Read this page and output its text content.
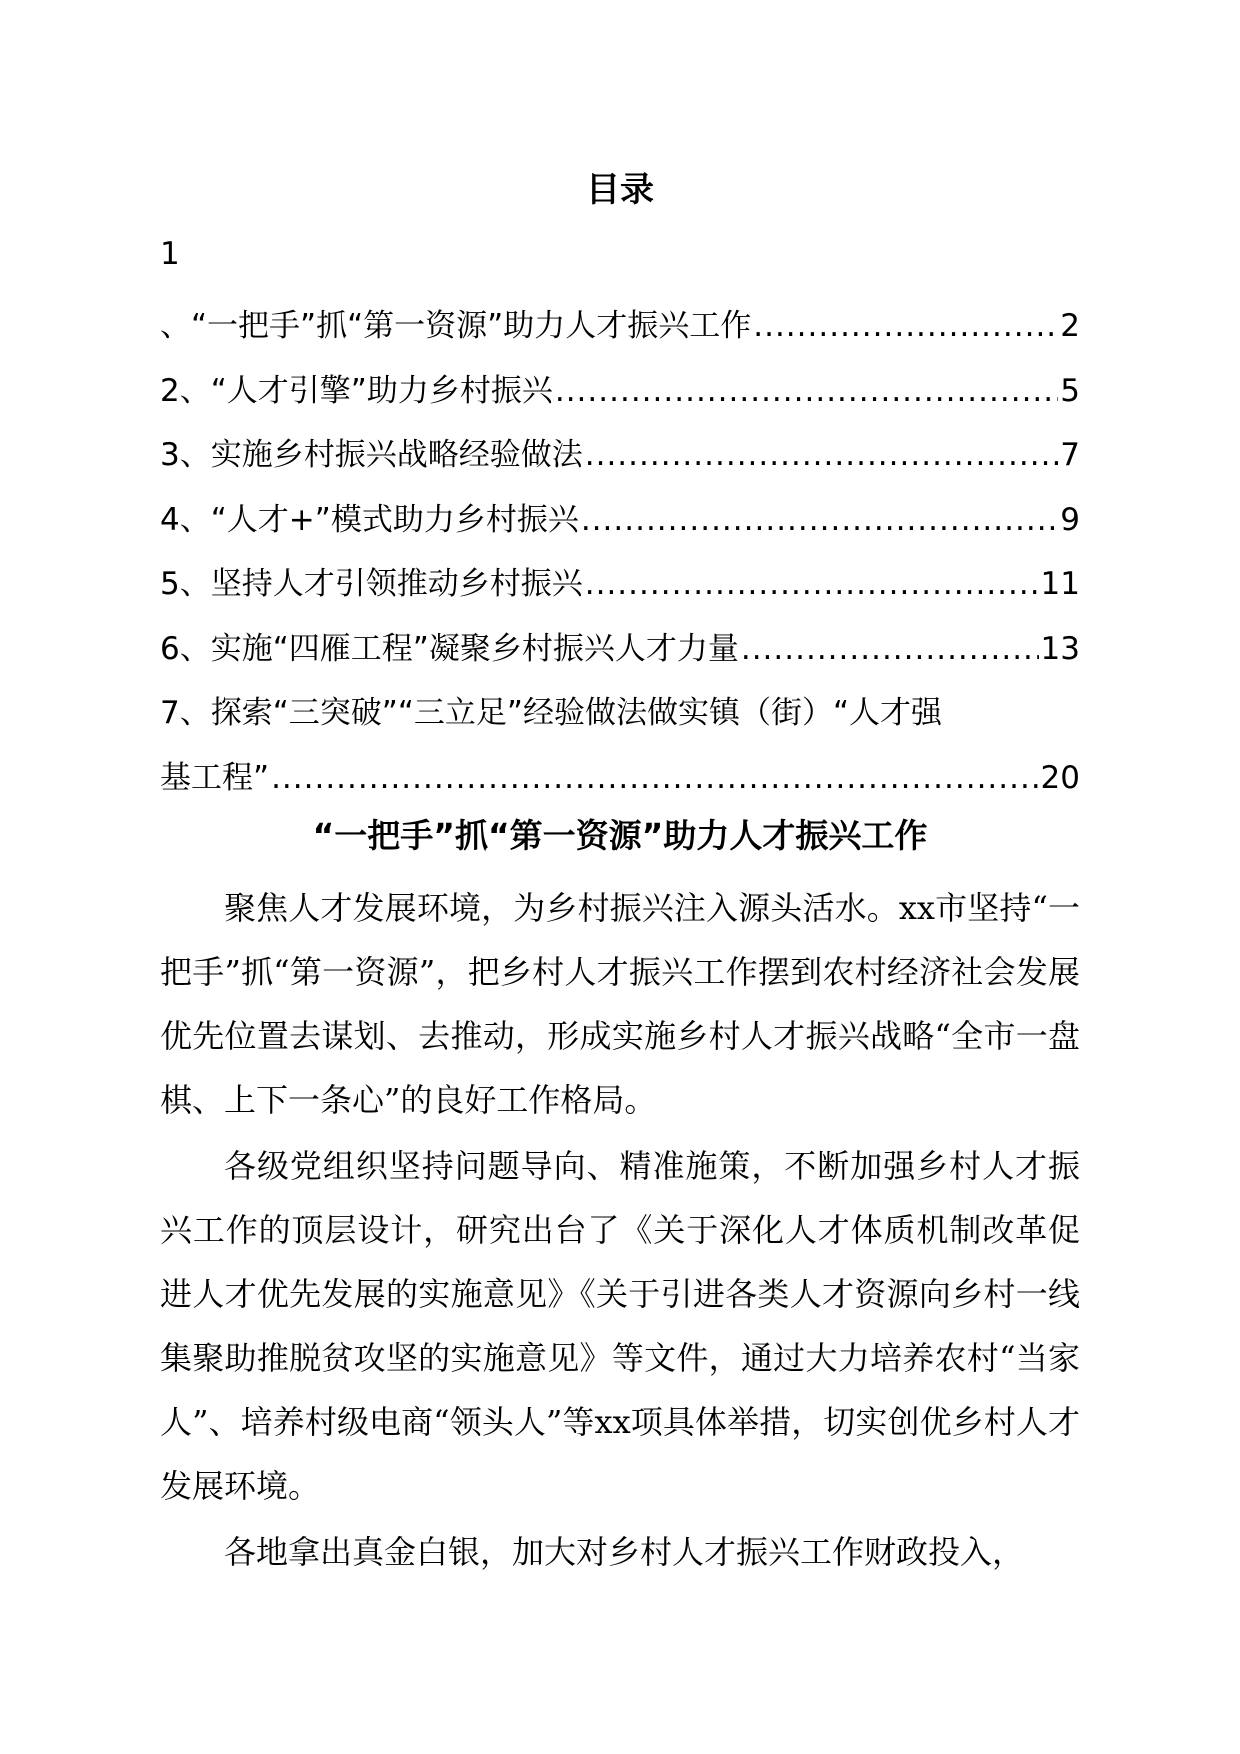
目录
1
、“一把手”抓“第一资源”助力人才振兴工作 .....	2
2、“人才引擎”助力乡村振兴 .....	5
3、实施乡村振兴战略经验做法 .....	7
4、“人才+”模式助力乡村振兴 .....	9
5、坚持人才引领推动乡村振兴 .....	11
6、实施“四雁工程”凝聚乡村振兴人才力量 .....	13
7、探索“三突破”“三立足”经验做法做实镇（街）“人才强
基工程” .....	20
“一把手”抓“第一资源”助力人才振兴工作

聚焦人才发展环境，为乡村振兴注入源头活水。xx市坚持“一把手”抓“第一资源”，把乡村人才振兴工作摆到农村经济社会发展优先位置去谋划、去推动，形成实施乡村人才振兴战略“全市一盘棋、上下一条心”的良好工作格局。

各级党组织坚持问题导向、精准施策，不断加强乡村人才振兴工作的顶层设计，研究出台了《关于深化人才体质机制改革促进人才优先发展的实施意见》《关于引进各类人才资源向乡村一线集聚助推脱贫攻坚的实施意见》等文件，通过大力培养农村“当家人”、培养村级电商“领头人”等xx项具体举措，切实创优乡村人才发展环境。

各地拿出真金白银，加大对乡村人才振兴工作财政投入，
